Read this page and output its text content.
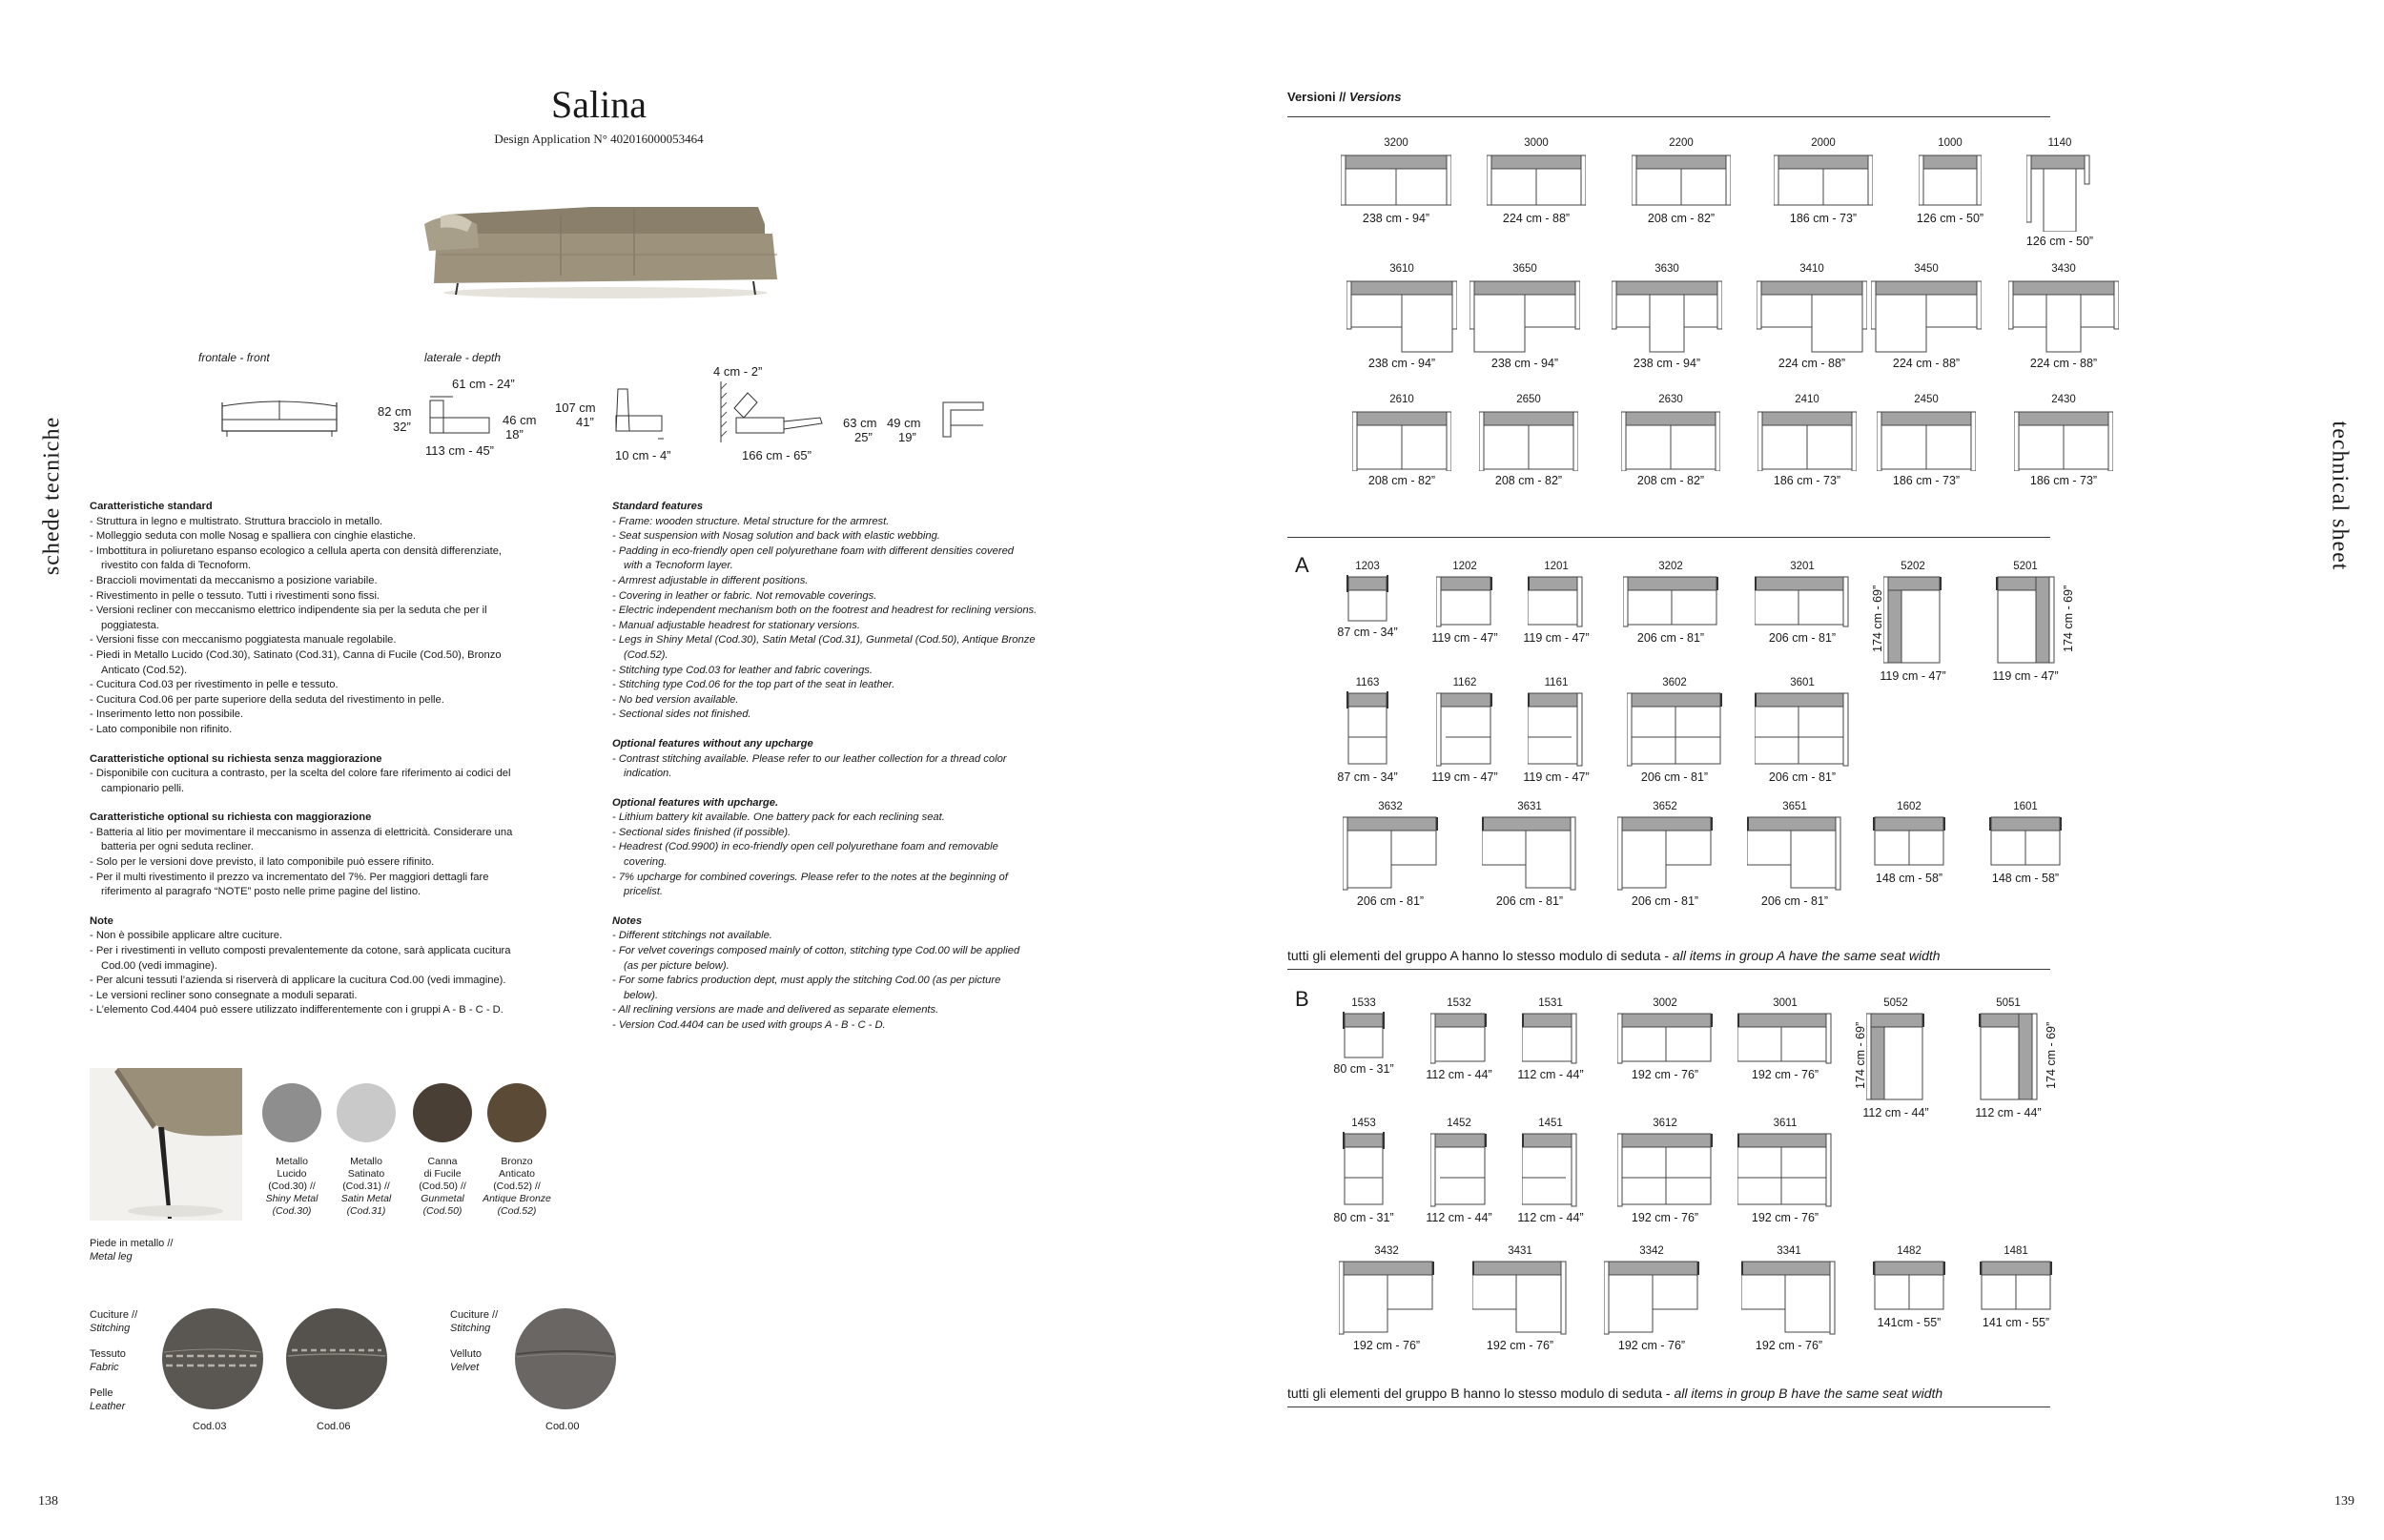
Salina
Design Application N° 402016000053464
schede tecniche
frontale - front	laterale - depth
61 cm - 24”
82 cm
32”	46 cm
18”
113 cm - 45”
107 cm
41”
10 cm - 4”
4 cm - 2”
166 cm - 65”
63 cm
25”
49 cm
19”
Caratteristiche standard
- Struttura in legno e multistrato. Struttura bracciolo in metallo.
- Molleggio seduta con molle Nosag e spalliera con cinghie elastiche.
- Imbottitura in poliuretano espanso ecologico a cellula aperta con densità differenziate,
rivestito con falda di Tecnoform.
- Braccioli movimentati da meccanismo a posizione variabile.
- Rivestimento in pelle o tessuto. Tutti i rivestimenti sono fissi.
- Versioni recliner con meccanismo elettrico indipendente sia per la seduta che per il
poggiatesta.
- Versioni fisse con meccanismo poggiatesta manuale regolabile.
- Piedi in Metallo Lucido (Cod.30), Satinato (Cod.31), Canna di Fucile (Cod.50), Bronzo
Anticato (Cod.52).
- Cucitura Cod.03 per rivestimento in pelle e tessuto.
- Cucitura Cod.06 per parte superiore della seduta del rivestimento in pelle.
- Inserimento letto non possibile.
- Lato componibile non rifinito.
Caratteristiche optional su richiesta senza maggiorazione
- Disponibile con cucitura a contrasto, per la scelta del colore fare riferimento ai codici del
campionario pelli.
Caratteristiche optional su richiesta con maggiorazione
- Batteria al litio per movimentare il meccanismo in assenza di elettricità. Considerare una
batteria per ogni seduta recliner.
- Solo per le versioni dove previsto, il lato componibile può essere rifinito.
- Per il multi rivestimento il prezzo va incrementato del 7%. Per maggiori dettagli fare
riferimento al paragrafo “NOTE” posto nelle prime pagine del listino.
Note
- Non è possibile applicare altre cuciture.
- Per i rivestimenti in velluto composti prevalentemente da cotone, sarà applicata cucitura
Cod.00 (vedi immagine).
- Per alcuni tessuti l’azienda si riserverà di applicare la cucitura Cod.00 (vedi immagine).
- Le versioni recliner sono consegnate a moduli separati.
- L’elemento Cod.4404 può essere utilizzato indifferentemente con i gruppi A - B - C - D.
Standard features
- Frame: wooden structure. Metal structure for the armrest.
- Seat suspension with Nosag solution and back with elastic webbing.
- Padding in eco-friendly open cell polyurethane foam with different densities covered
with a Tecnoform layer.
- Armrest adjustable in different positions.
- Covering in leather or fabric. Not removable coverings.
- Electric independent mechanism both on the footrest and headrest for reclining versions.
- Manual adjustable headrest for stationary versions.
- Legs in Shiny Metal (Cod.30), Satin Metal (Cod.31), Gunmetal (Cod.50), Antique Bronze
(Cod.52).
- Stitching type Cod.03 for leather and fabric coverings.
- Stitching type Cod.06 for the top part of the seat in leather.
- No bed version available.
- Sectional sides not finished.
Optional features without any upcharge
- Contrast stitching available. Please refer to our leather collection for a thread color
indication.
Optional features with upcharge.
- Lithium battery kit available. One battery pack for each reclining seat.
- Sectional sides finished (if possible).
- Headrest (Cod.9900) in eco-friendly open cell polyurethane foam and removable
covering.
- 7% upcharge for combined coverings. Please refer to the notes at the beginning of
pricelist.
Notes
- Different stitchings not available.
- For velvet coverings composed mainly of cotton, stitching type Cod.00 will be applied
(as per picture below).
- For some fabrics production dept, must apply the stitching Cod.00 (as per picture
below).
- All reclining versions are made and delivered as separate elements.
- Version Cod.4404 can be used with groups A - B - C - D.
Metallo
Lucido
(Cod.30) //
Shiny Metal
(Cod.30)
Metallo
Satinato
(Cod.31) //
Satin Metal
(Cod.31)
Canna
di Fucile
(Cod.50) //
Gunmetal
(Cod.50)
Bronzo
Anticato
(Cod.52) //
Antique Bronze
(Cod.52)
Piede in metallo //
Metal leg
Cuciture //
Stitching
Tessuto
Fabric
Pelle
Leather
Cod.03	Cod.06
Cuciture //
Stitching
Velluto
Velvet
Cod.00
138
Versioni // Versions
technical sheet
3200
238 cm - 94”
3000
224 cm - 88”
2200
208 cm - 82”
2000
186 cm - 73”
1000
126 cm - 50”
1140
126 cm - 50”
3610
238 cm - 94”
3650
238 cm - 94”
3630
238 cm - 94”
3410
224 cm - 88”
3450
224 cm - 88”
3430
224 cm - 88”
2610
208 cm - 82”
2650
208 cm - 82”
2630
208 cm - 82”
2410
186 cm - 73”
2450
186 cm - 73”
2430
186 cm - 73”
A	1203
87 cm - 34”
1202
119 cm - 47”
1201
119 cm - 47”
3202
206 cm - 81”
3201
206 cm - 81”
5202
119 cm - 47”
174 cm - 69”
5201
119 cm - 47”
174 cm - 69”
1163
87 cm - 34”
1162
119 cm - 47”
1161
119 cm - 47”
3602
206 cm - 81”
3601
206 cm - 81”
3632
206 cm - 81”
3631
206 cm - 81”
3652
206 cm - 81”
3651
206 cm - 81”
1602
148 cm - 58”
1601
148 cm - 58”
tutti gli elementi del gruppo A hanno lo stesso modulo di seduta - all items in group A have the same seat width
B	1533
80 cm - 31”
1532
112 cm - 44”
1531
112 cm - 44”
3002
192 cm - 76”
3001
192 cm - 76”
5052
112 cm - 44”
174 cm - 69”
5051
112 cm - 44”
174 cm - 69”
1453
80 cm - 31”
1452
112 cm - 44”
1451
112 cm - 44”
3612
192 cm - 76”
3611
192 cm - 76”
3432
192 cm - 76”
3431
192 cm - 76”
3342
192 cm - 76”
3341
192 cm - 76”
1482
141cm - 55”
1481
141 cm - 55”
tutti gli elementi del gruppo B hanno lo stesso modulo di seduta - all items in group B have the same seat width
139
